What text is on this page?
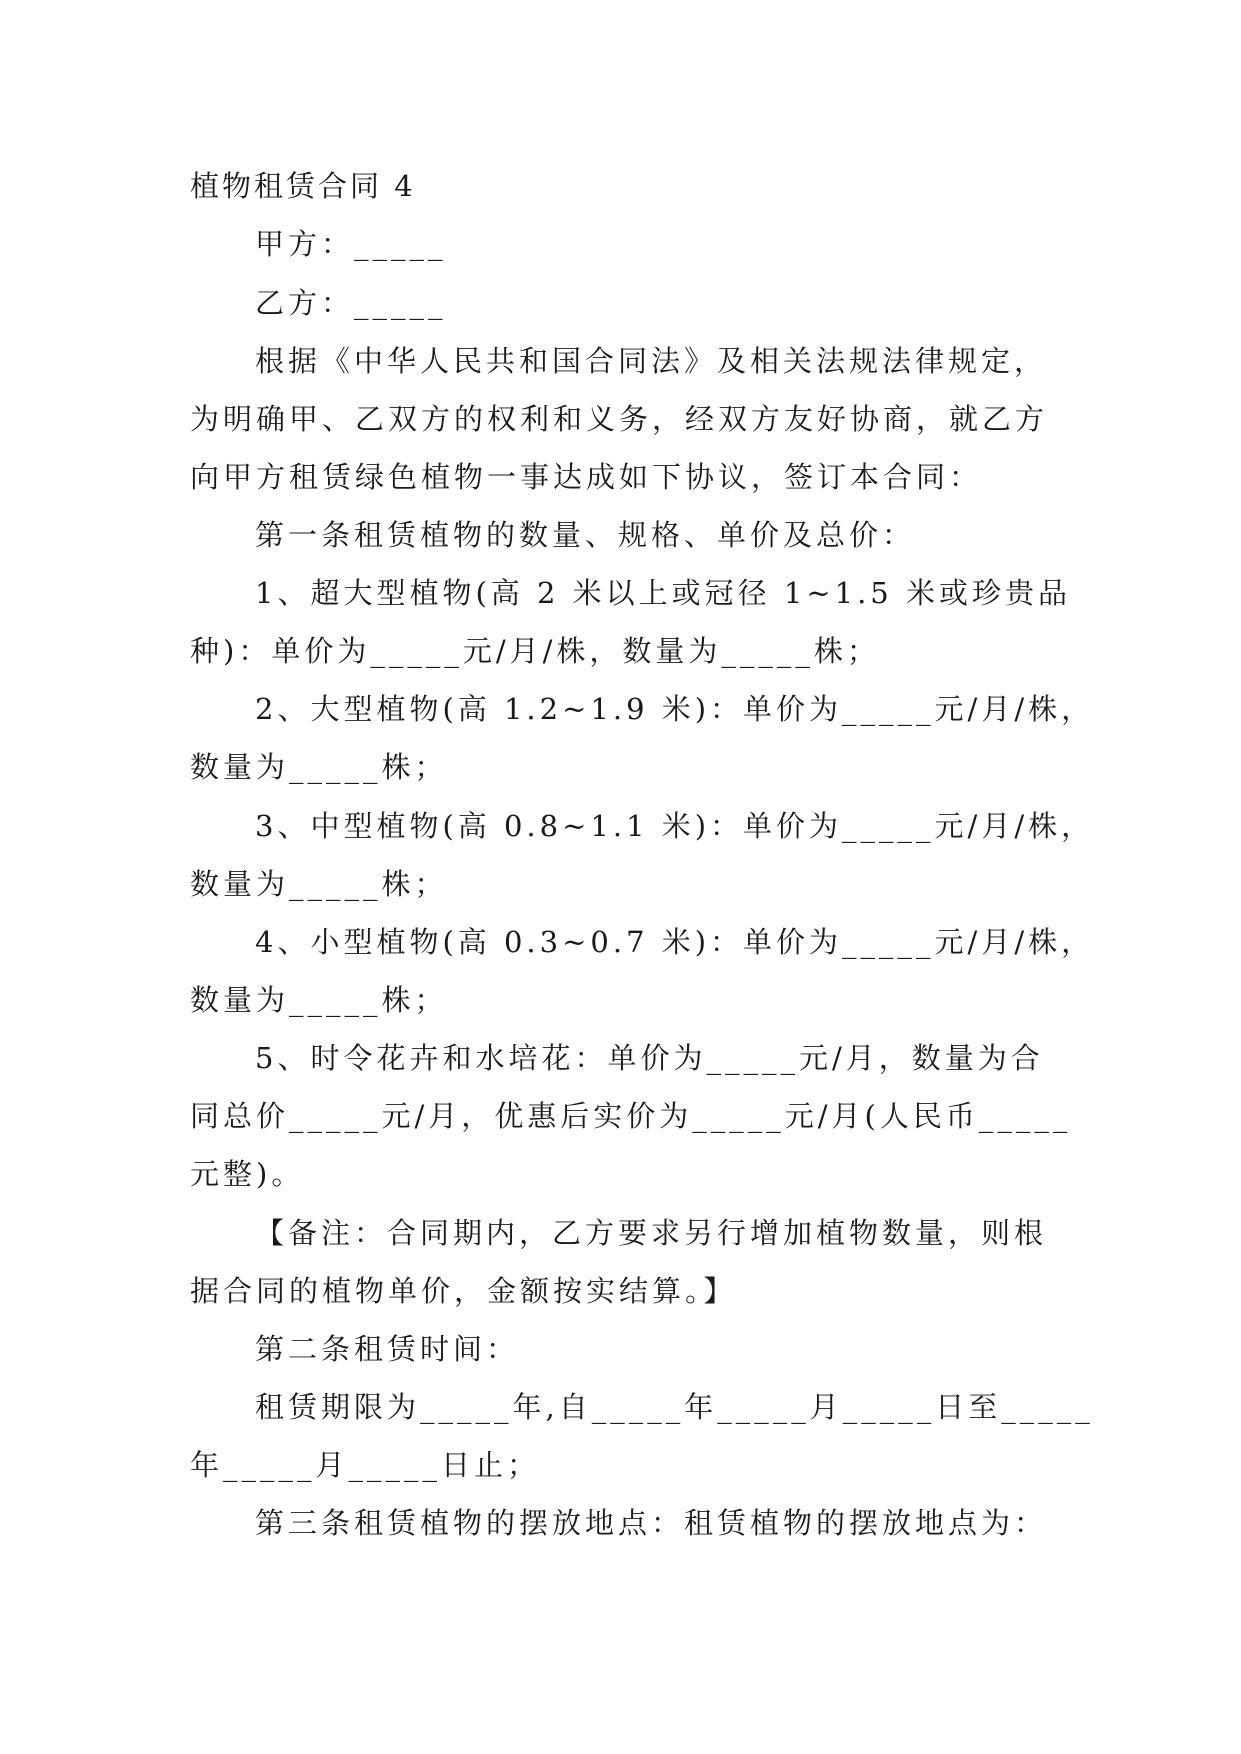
植物租赁合同 4
甲方：_____
乙方：_____
根据《中华人民共和国合同法》及相关法规法律规定，
为明确甲、乙双方的权利和义务，经双方友好协商，就乙方
向甲方租赁绿色植物一事达成如下协议，签订本合同：
第一条租赁植物的数量、规格、单价及总价：
1、超大型植物(高 2 米以上或冠径 1~1.5 米或珍贵品
种)：单价为_____元/月/株，数量为_____株；
2、大型植物(高 1.2~1.9 米)：单价为_____元/月/株，
数量为_____株；
3、中型植物(高 0.8~1.1 米)：单价为_____元/月/株，
数量为_____株；
4、小型植物(高 0.3~0.7 米)：单价为_____元/月/株，
数量为_____株；
5、时令花卉和水培花：单价为_____元/月，数量为合
同总价_____元/月，优惠后实价为_____元/月(人民币_____
元整)。
【备注：合同期内，乙方要求另行增加植物数量，则根
据合同的植物单价，金额按实结算。】
第二条租赁时间：
租赁期限为_____年,自_____年_____月_____日至_____
年_____月_____日止；
第三条租赁植物的摆放地点：租赁植物的摆放地点为：
